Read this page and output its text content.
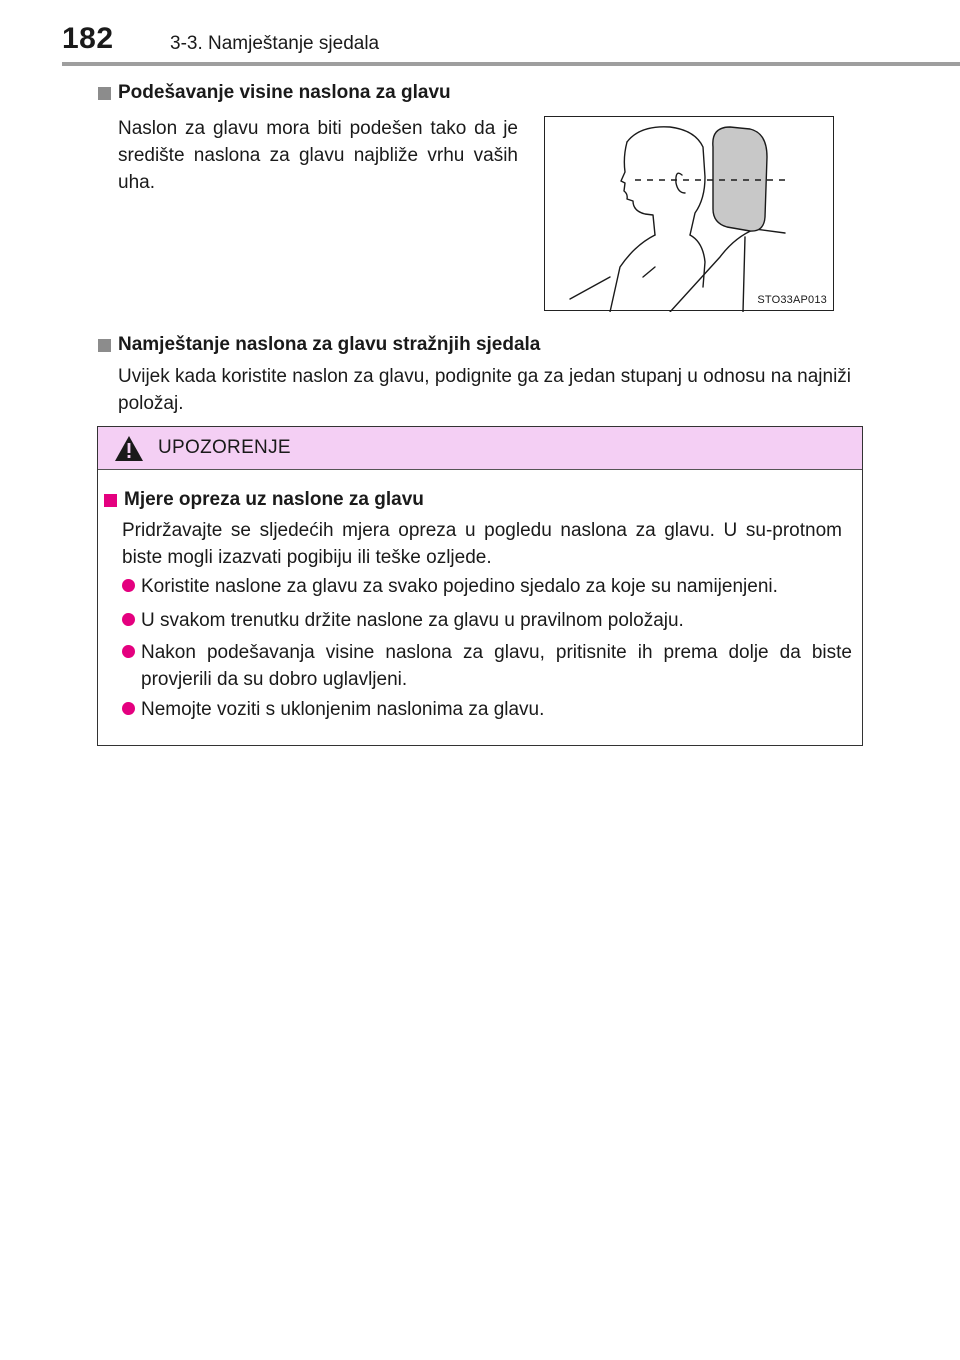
182	3-3. Namještanje sjedala
Podešavanje visine naslona za glavu
Naslon za glavu mora biti podešen tako da je središte naslona za glavu najbliže vrhu vaših uha.
STO33AP013
Namještanje naslona za glavu stražnjih sjedala
Uvijek kada koristite naslon za glavu, podignite ga za jedan stupanj u odnosu na najniži položaj.
UPOZORENJE
Mjere opreza uz naslone za glavu
Pridržavajte se sljedećih mjera opreza u pogledu naslona za glavu. U su-protnom biste mogli izazvati pogibiju ili teške ozljede.
Koristite naslone za glavu za svako pojedino sjedalo za koje su namijenjeni.
U svakom trenutku držite naslone za glavu u pravilnom položaju.
Nakon podešavanja visine naslona za glavu, pritisnite ih prema dolje da biste provjerili da su dobro uglavljeni.
Nemojte voziti s uklonjenim naslonima za glavu.
